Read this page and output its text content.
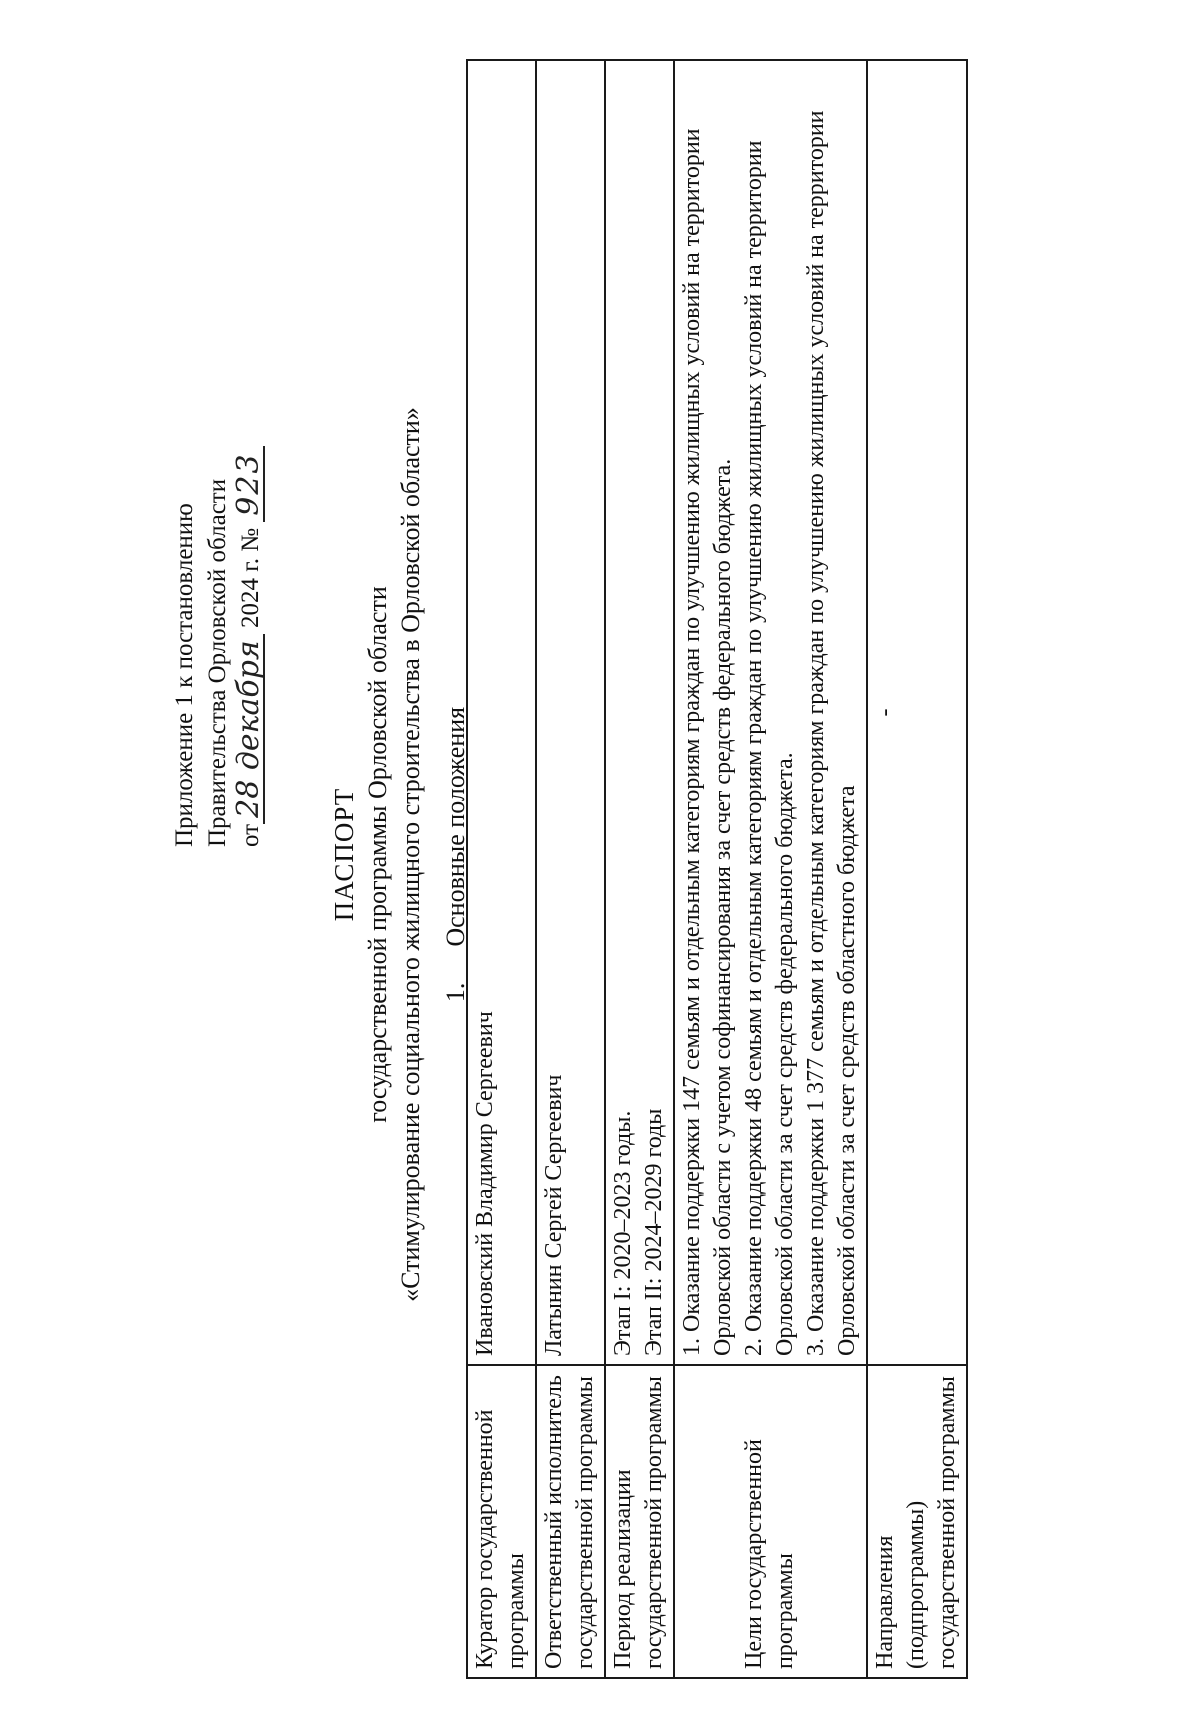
Приложение 1 к постановлению Правительства Орловской области от28 декабря 2024 г. № 923
ПАСПОРТ государственной программы Орловской области «Стимулирование социального жилищного строительства в Орловской области» 1.Основные положения
Куратор государственной программы	Ивановский Владимир Сергеевич
Ответственный исполнитель государственной программы	Латынин Сергей Сергеевич
Период реализации государственной программы	Этап I: 2020–2023 годы. Этап II: 2024–2029 годы

Цели государственной программы	1. Оказание поддержки 147 семьям и отдельным категориям граждан по улучшению жилищных условий на территории Орловской области с учетом софинансирования за счет средств федерального бюджета. 2. Оказание поддержки 48 семьям и отдельным категориям граждан по улучшению жилищных условий на территории Орловской области за счет средств федерального бюджета. 3. Оказание поддержки 1 377 семьям и отдельным категориям граждан по улучшению жилищных условий на территории Орловской области за счет средств областного бюджета

Направления (подпрограммы) государственной программы	-
